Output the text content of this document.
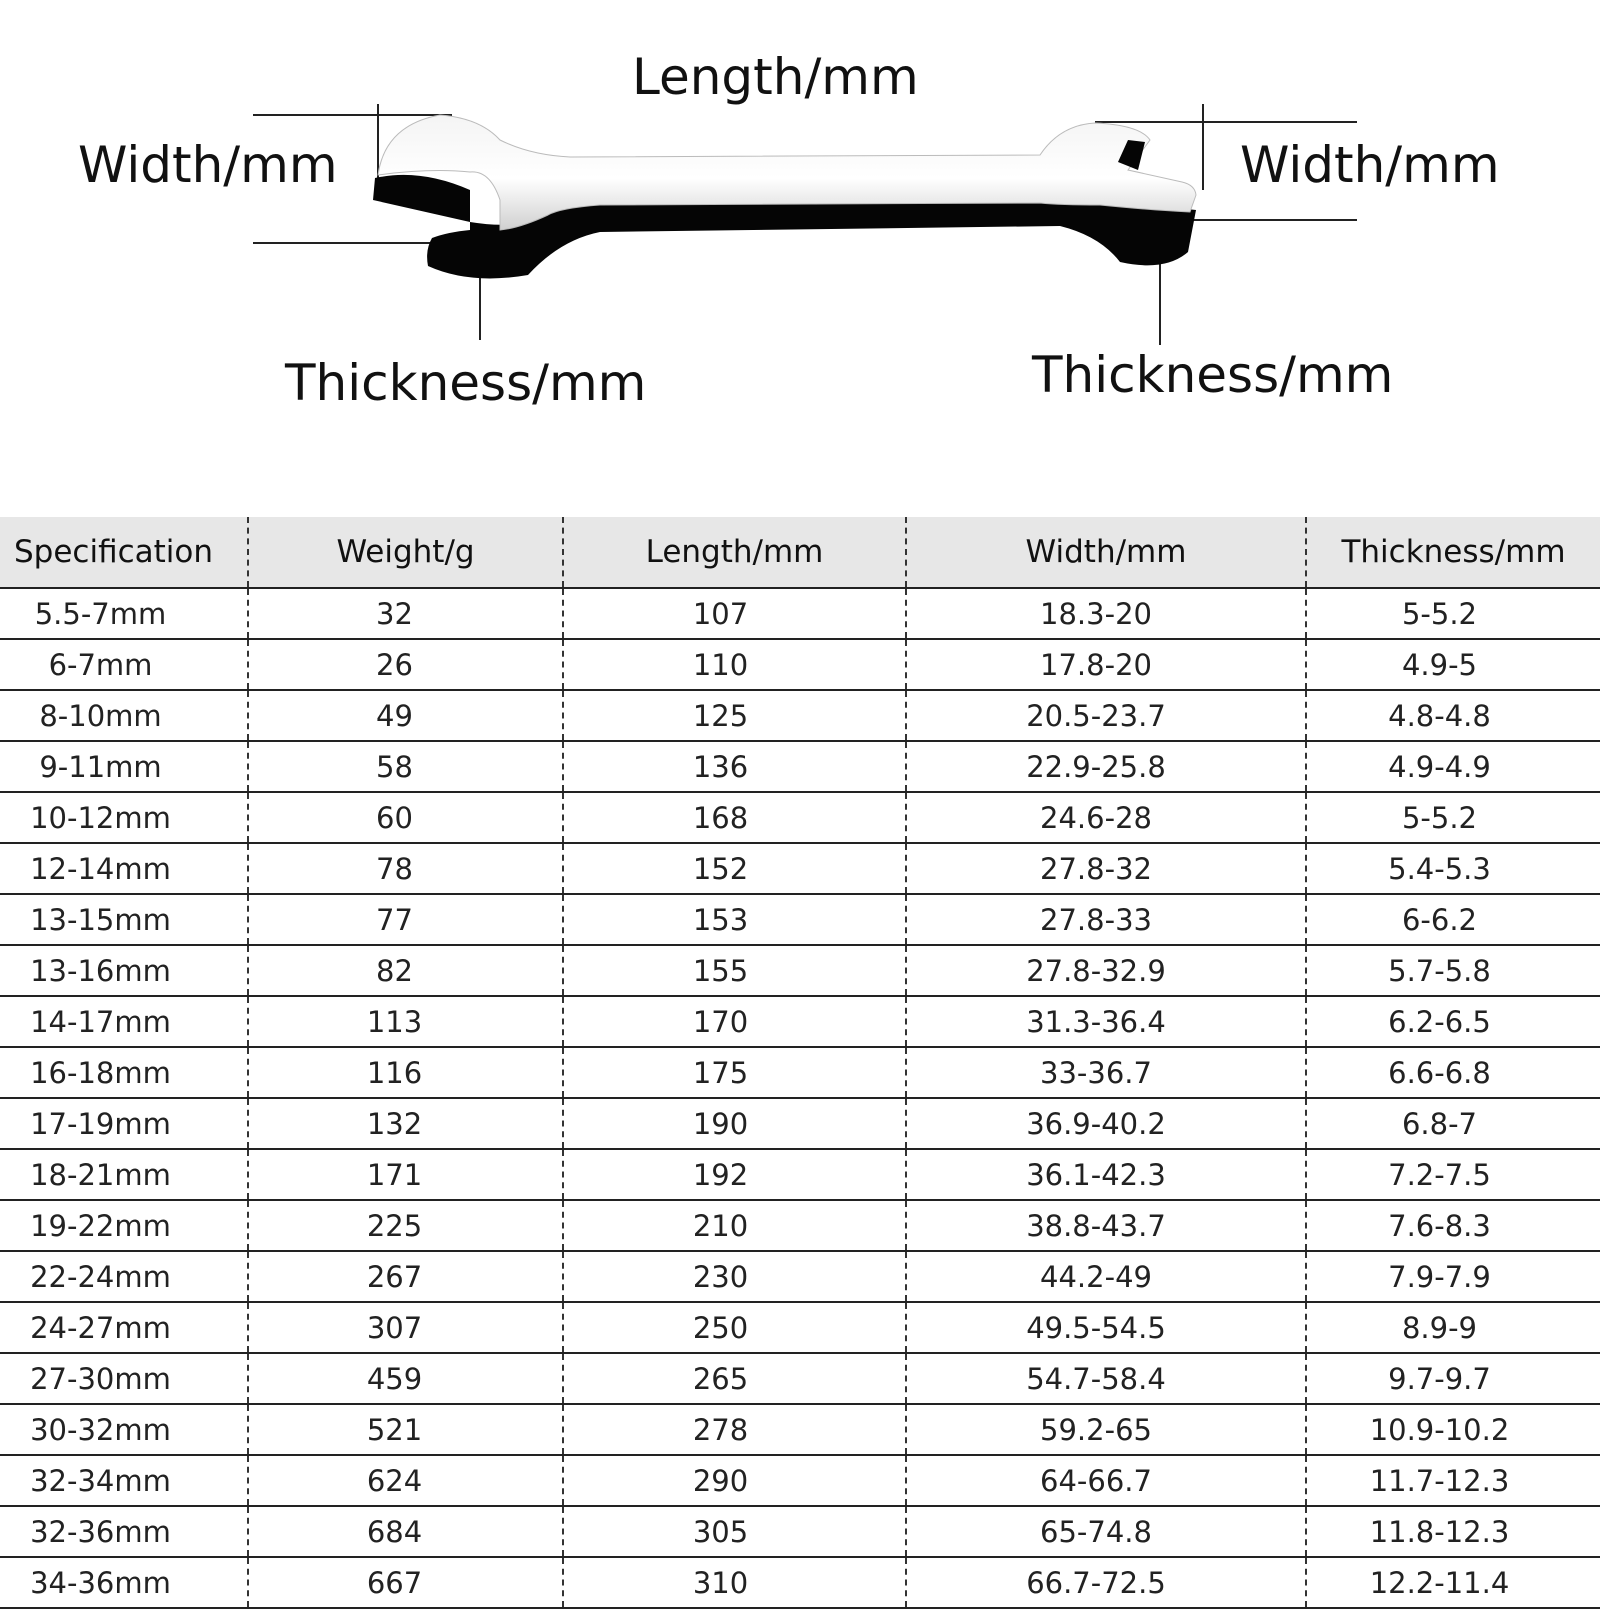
Length/mm
Width/mm	Width/mm
Thickness/mm	Thickness/mm
Specification	Weight/g	Length/mm	Width/mm	Thickness/mm
5.5-7mm	32	107	18.3-20	5-5.2
6-7mm	26	110	17.8-20	4.9-5
8-10mm	49	125	20.5-23.7	4.8-4.8
9-11mm	58	136	22.9-25.8	4.9-4.9
10-12mm	60	168	24.6-28	5-5.2
12-14mm	78	152	27.8-32	5.4-5.3
13-15mm	77	153	27.8-33	6-6.2
13-16mm	82	155	27.8-32.9	5.7-5.8
14-17mm	113	170	31.3-36.4	6.2-6.5
16-18mm	116	175	33-36.7	6.6-6.8
17-19mm	132	190	36.9-40.2	6.8-7
18-21mm	171	192	36.1-42.3	7.2-7.5
19-22mm	225	210	38.8-43.7	7.6-8.3
22-24mm	267	230	44.2-49	7.9-7.9
24-27mm	307	250	49.5-54.5	8.9-9
27-30mm	459	265	54.7-58.4	9.7-9.7
30-32mm	521	278	59.2-65	10.9-10.2
32-34mm	624	290	64-66.7	11.7-12.3
32-36mm	684	305	65-74.8	11.8-12.3
34-36mm	667	310	66.7-72.5	12.2-11.4
